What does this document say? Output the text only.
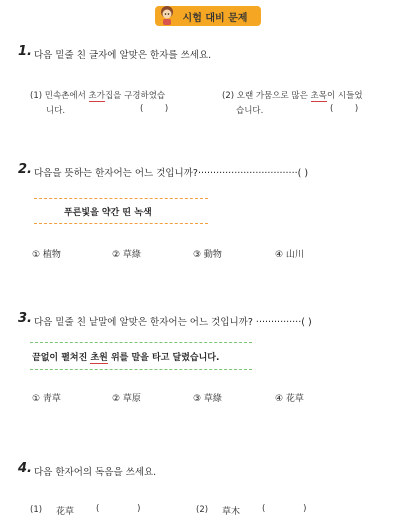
시험 대비 문제
1. 다음 밑줄 친 글자에 알맞은 한자를 쓰세요.
(1) 민속촌에서 초가집을 구경하였습
니다.	(        )
(2) 오랜 가뭄으로 많은 초목이 시들었
습니다.	(        )
2. 다음을 뜻하는 한자어는 어느 것입니까?·································( )
푸른빛을 약간 띤 녹색
① 植物	② 草綠	③ 動物	④ 山川
3. 다음 밑줄 친 낱말에 알맞은 한자어는 어느 것입니까? ···············( )
끝없이 펼쳐진 초원 위를 말을 타고 달렸습니다.
① 靑草	② 草原	③ 草綠	④ 花草
4. 다음 한자어의 독음을 쓰세요.
(1) 花草	(              )	(2) 草木	(              )
